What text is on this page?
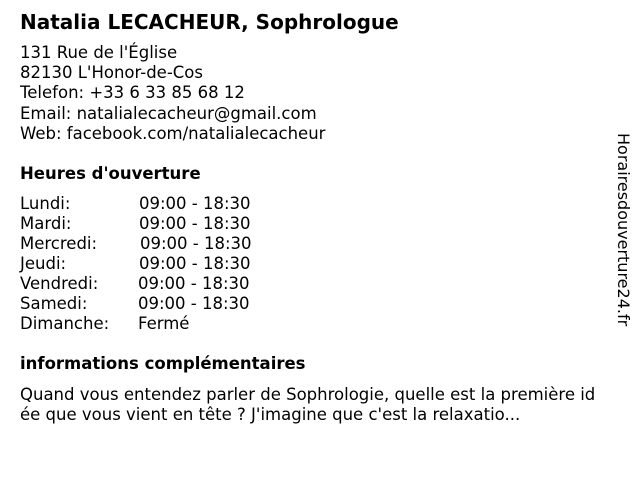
Natalia LECACHEUR, Sophrologue
131 Rue de l'Église
82130 L'Honor-de-Cos
Telefon: +33 6 33 85 68 12
Email: natalialecacheur@gmail.com
Web: facebook.com/natalialecacheur
Heures d'ouverture
Lundi:	09:00 - 18:30
Mardi:	09:00 - 18:30
Mercredi:	09:00 - 18:30
Jeudi:	09:00 - 18:30
Vendredi: 09:00 - 18:30
Samedi:	09:00 - 18:30
Dimanche: Fermé
informations complémentaires
Quand vous entendez parler de Sophrologie, quelle est la première id
ée que vous vient en tête ? J'imagine que c'est la relaxatio...
Horairesdouverture24.fr
